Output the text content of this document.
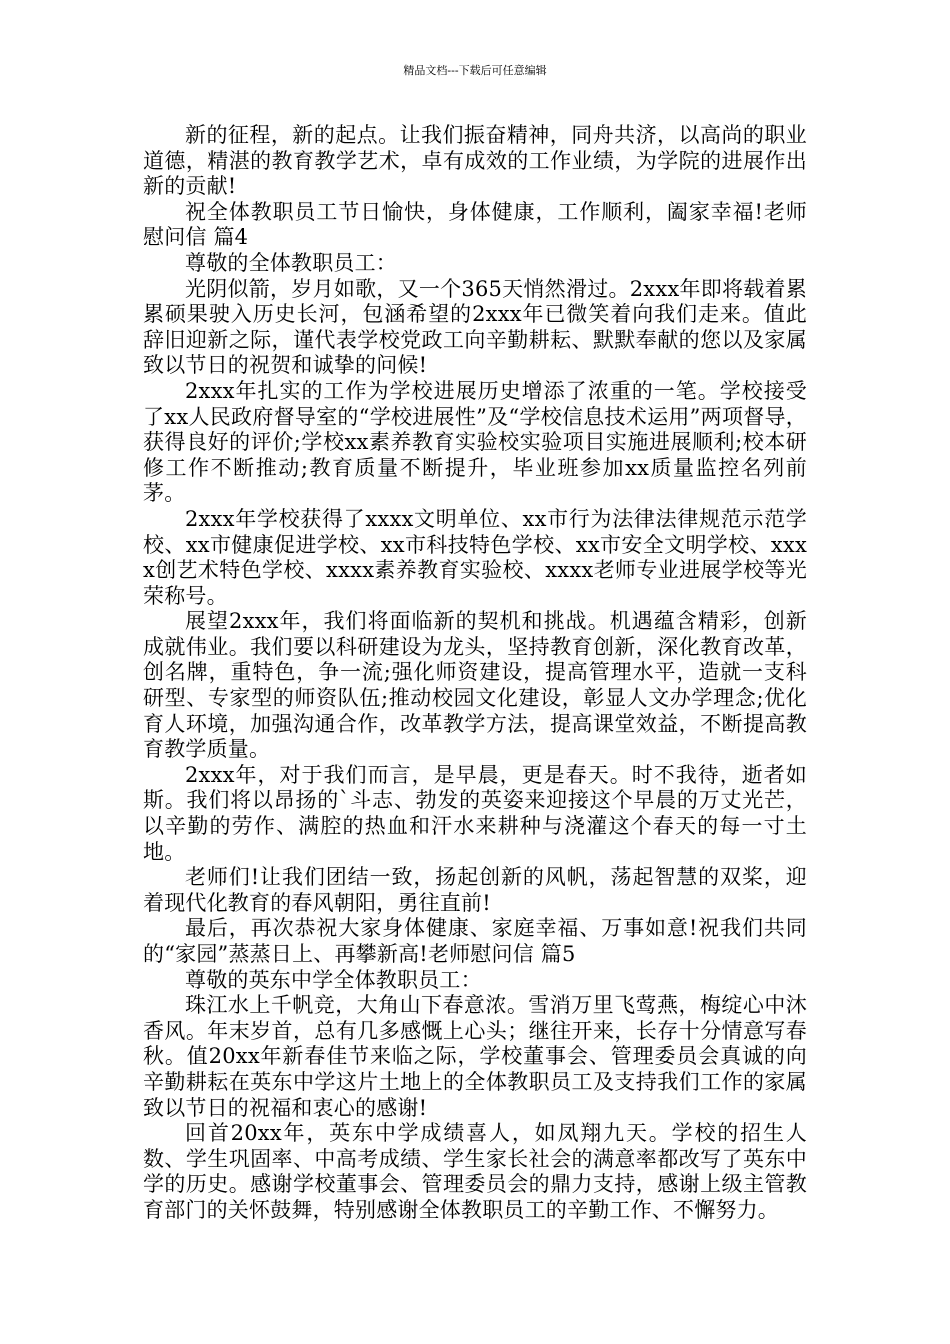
精品文档---下载后可任意编辑

新的征程，新的起点。让我们振奋精神，同舟共济，以高尚的职业道德，精湛的教育教学艺术，卓有成效的工作业绩，为学院的进展作出新的贡献!

祝全体教职员工节日愉快，身体健康，工作顺利，阖家幸福!老师慰问信 篇4

尊敬的全体教职员工：

光阴似箭，岁月如歌，又一个365天悄然滑过。2xxx年即将载着累累硕果驶入历史长河，包涵希望的2xxx年已微笑着向我们走来。值此辞旧迎新之际，谨代表学校党政工向辛勤耕耘、默默奉献的您以及家属致以节日的祝贺和诚挚的问候!

2xxx年扎实的工作为学校进展历史增添了浓重的一笔。学校接受了xx人民政府督导室的“学校进展性”及“学校信息技术运用”两项督导，获得良好的评价;学校xx素养教育实验校实验项目实施进展顺利;校本研修工作不断推动;教育质量不断提升，毕业班参加xx质量监控名列前茅。

2xxx年学校获得了xxxx文明单位、xx市行为法律法律规范示范学校、xx市健康促进学校、xx市科技特色学校、xx市安全文明学校、xxxx创艺术特色学校、xxxx素养教育实验校、xxxx老师专业进展学校等光荣称号。

展望2xxx年，我们将面临新的契机和挑战。机遇蕴含精彩，创新成就伟业。我们要以科研建设为龙头，坚持教育创新，深化教育改革，创名牌，重特色，争一流;强化师资建设，提高管理水平，造就一支科研型、专家型的师资队伍;推动校园文化建设，彰显人文办学理念;优化育人环境，加强沟通合作，改革教学方法，提高课堂效益，不断提高教育教学质量。

2xxx年，对于我们而言，是早晨，更是春天。时不我待，逝者如斯。我们将以昂扬的`斗志、勃发的英姿来迎接这个早晨的万丈光芒，以辛勤的劳作、满腔的热血和汗水来耕种与浇灌这个春天的每一寸土地。

老师们!让我们团结一致，扬起创新的风帆，荡起智慧的双桨，迎着现代化教育的春风朝阳，勇往直前!

最后，再次恭祝大家身体健康、家庭幸福、万事如意!祝我们共同的“家园”蒸蒸日上、再攀新高!老师慰问信 篇5

尊敬的英东中学全体教职员工：

珠江水上千帆竞，大角山下春意浓。雪消万里飞莺燕，梅绽心中沐香风。年末岁首，总有几多感慨上心头；继往开来，长存十分情意写春秋。值20xx年新春佳节来临之际，学校董事会、管理委员会真诚的向辛勤耕耘在英东中学这片土地上的全体教职员工及支持我们工作的家属致以节日的祝福和衷心的感谢!

回首20xx年，英东中学成绩喜人，如凤翔九天。学校的招生人数、学生巩固率、中高考成绩、学生家长社会的满意率都改写了英东中学的历史。感谢学校董事会、管理委员会的鼎力支持，感谢上级主管教育部门的关怀鼓舞，特别感谢全体教职员工的辛勤工作、不懈努力。
